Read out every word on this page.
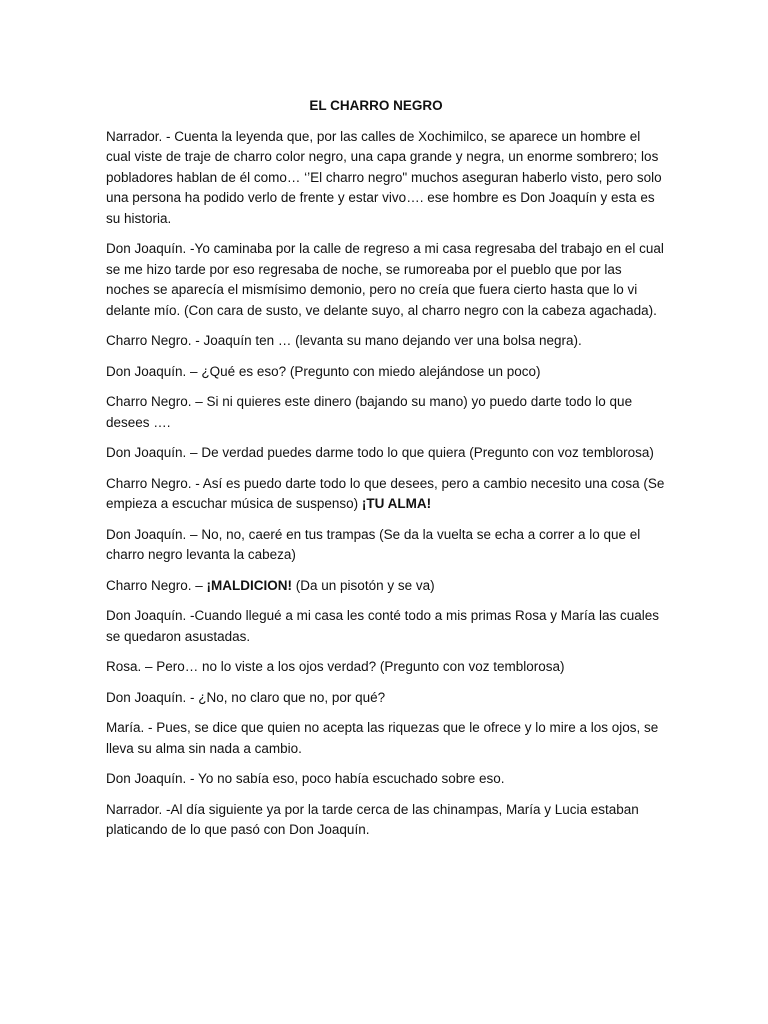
EL CHARRO NEGRO

Narrador. - Cuenta la leyenda que, por las calles de Xochimilco, se aparece un hombre el cual viste de traje de charro color negro, una capa grande y negra, un enorme sombrero; los pobladores hablan de él como… ‘’El charro negro" muchos aseguran haberlo visto, pero solo una persona ha podido verlo de frente y estar vivo…. ese hombre es Don Joaquín y esta es su historia.

Don Joaquín. -Yo caminaba por la calle de regreso a mi casa regresaba del trabajo en el cual se me hizo tarde por eso regresaba de noche, se rumoreaba por el pueblo que por las noches se aparecía el mismísimo demonio, pero no creía que fuera cierto hasta que lo vi delante mío. (Con cara de susto, ve delante suyo, al charro negro con la cabeza agachada).

Charro Negro. - Joaquín ten … (levanta su mano dejando ver una bolsa negra).

Don Joaquín. – ¿Qué es eso? (Pregunto con miedo alejándose un poco)

Charro Negro. – Si ni quieres este dinero (bajando su mano) yo puedo darte todo lo que desees ….

Don Joaquín. – De verdad puedes darme todo lo que quiera (Pregunto con voz temblorosa)

Charro Negro. - Así es puedo darte todo lo que desees, pero a cambio necesito una cosa (Se empieza a escuchar música de suspenso) ¡TU ALMA!

Don Joaquín. – No, no, caeré en tus trampas (Se da la vuelta se echa a correr a lo que el charro negro levanta la cabeza)

Charro Negro. – ¡MALDICION! (Da un pisotón y se va)

Don Joaquín. -Cuando llegué a mi casa les conté todo a mis primas Rosa y María las cuales se quedaron asustadas.

Rosa. – Pero… no lo viste a los ojos verdad? (Pregunto con voz temblorosa)

Don Joaquín. - ¿No, no claro que no, por qué?

María. - Pues, se dice que quien no acepta las riquezas que le ofrece y lo mire a los ojos, se lleva su alma sin nada a cambio.

Don Joaquín. - Yo no sabía eso, poco había escuchado sobre eso.

Narrador. -Al día siguiente ya por la tarde cerca de las chinampas, María y Lucia estaban platicando de lo que pasó con Don Joaquín.
